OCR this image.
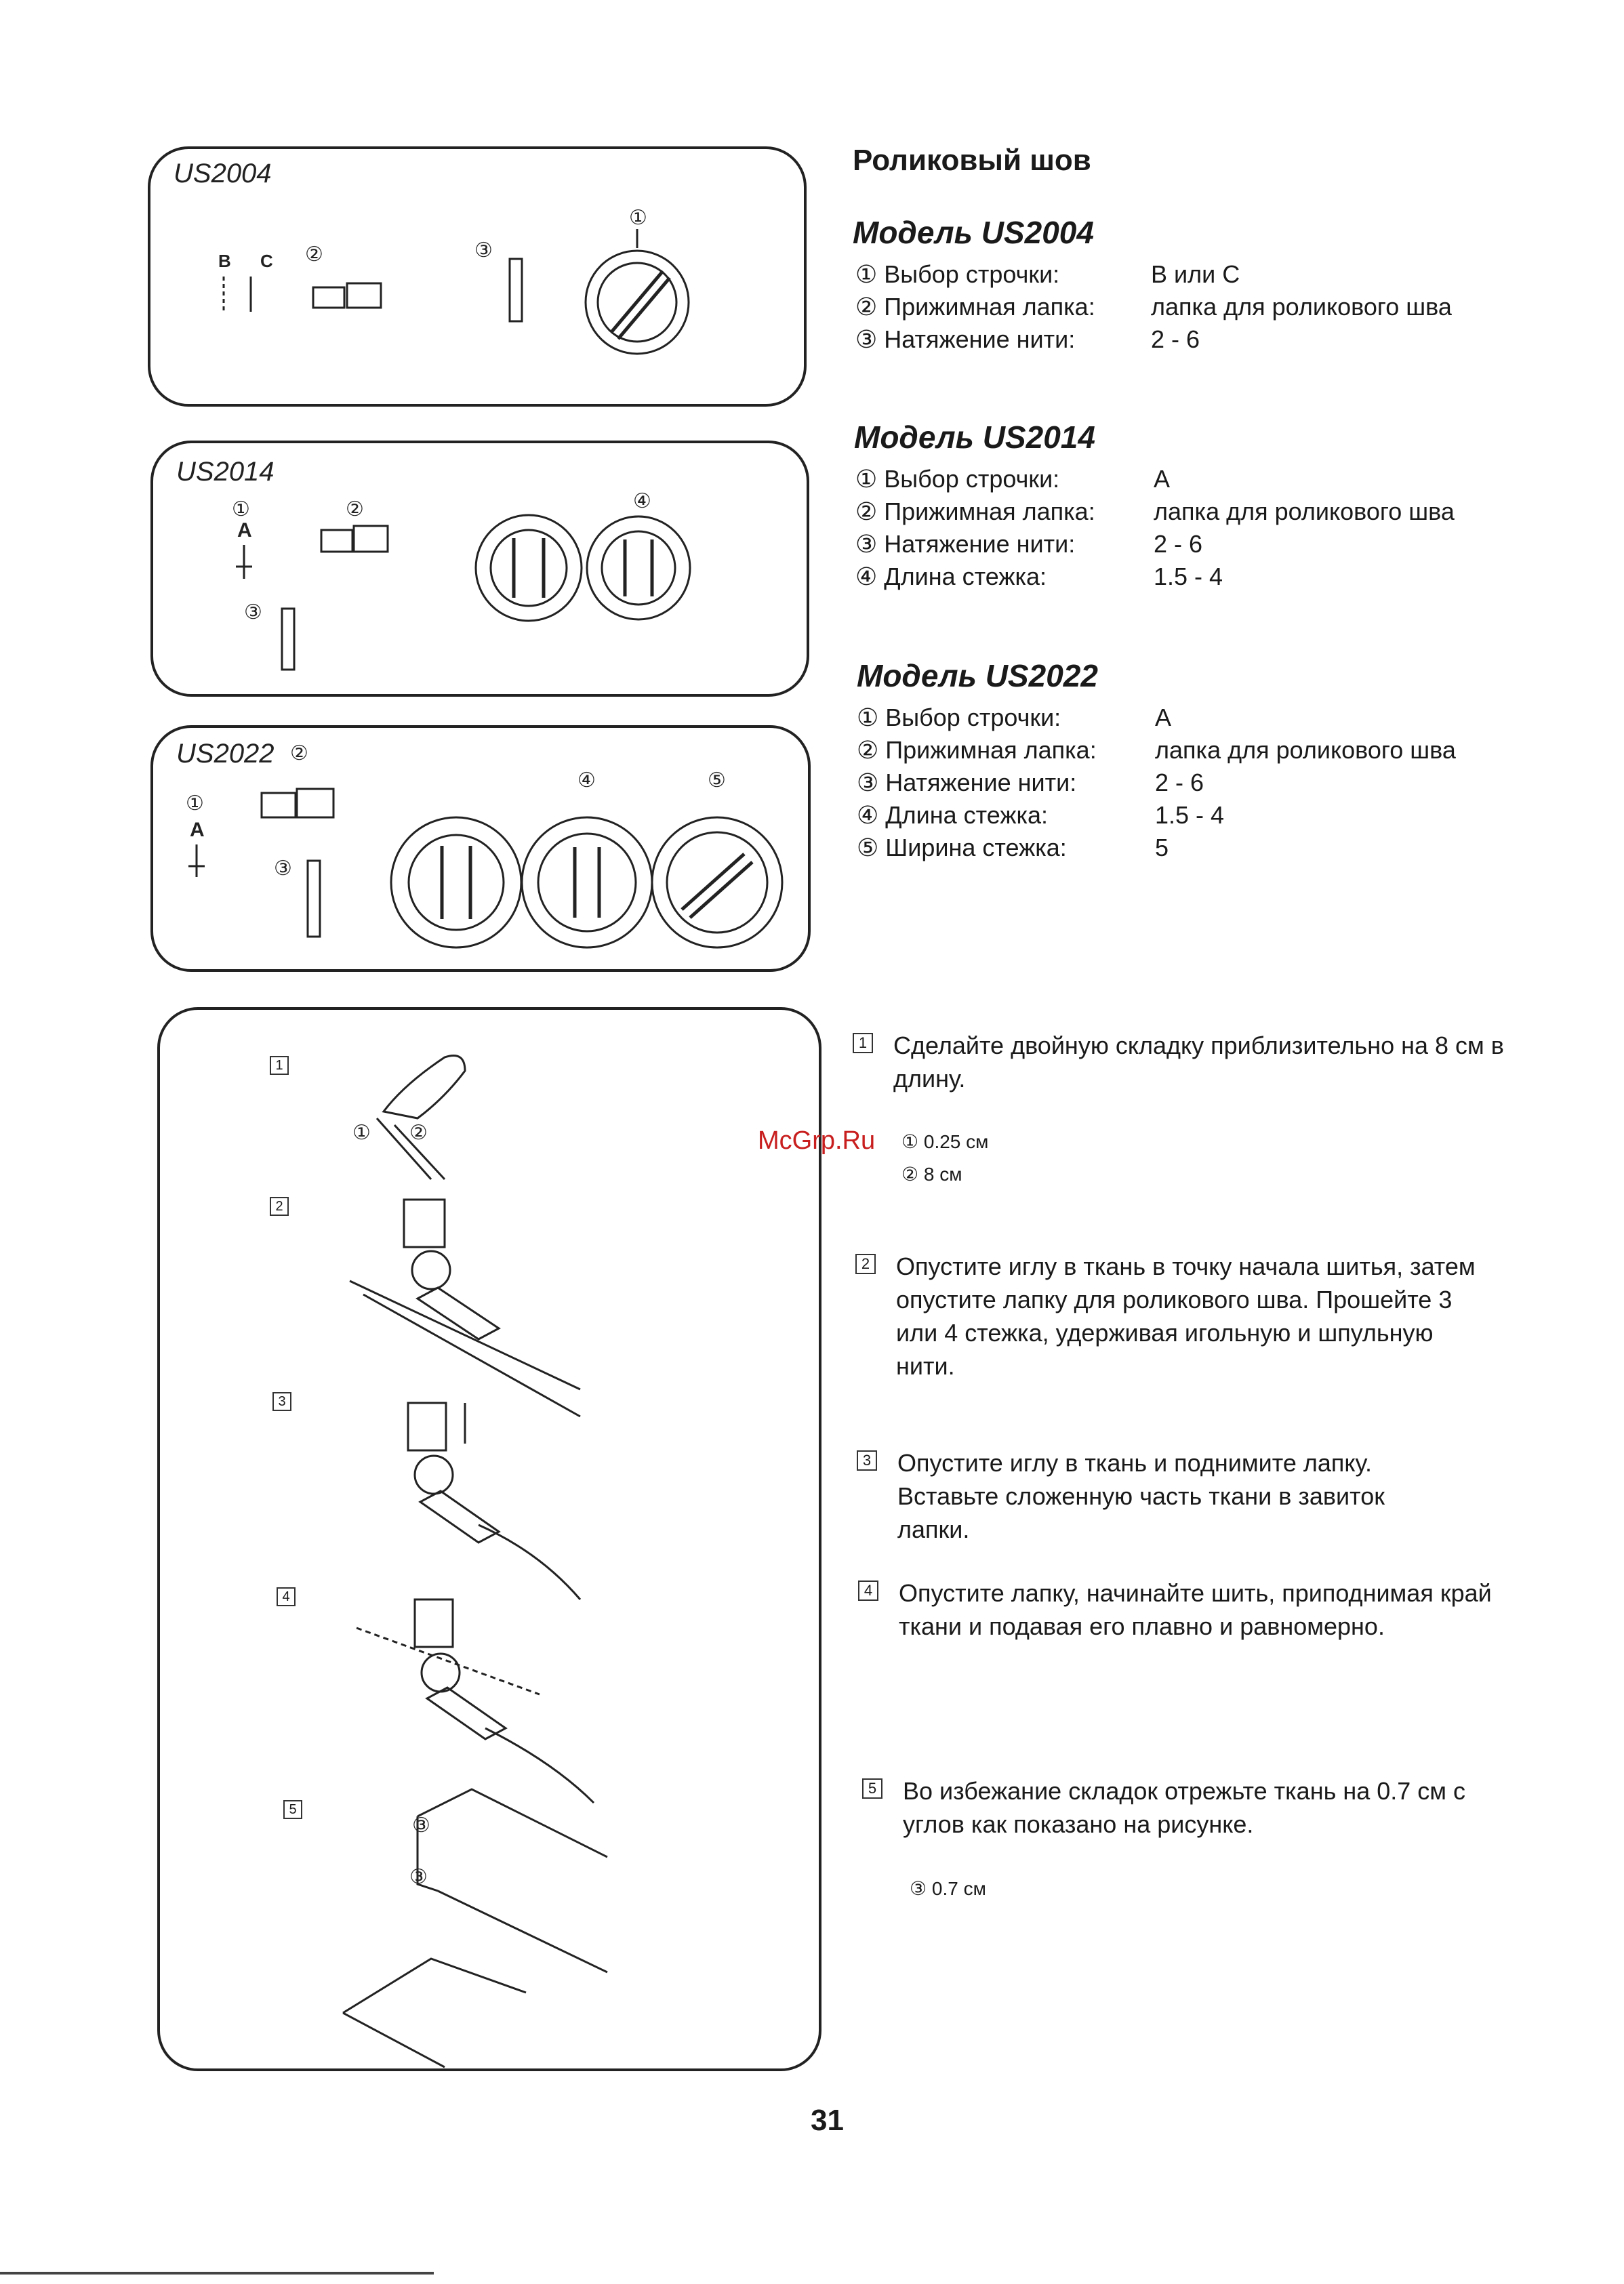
US2004
B C ②	③
①
US2014
①
A
②
③
④
US2022 ②
①
A
③
④	⑤
1
2
3
4
5
① ②
③
③
Роликовый шов
Модель US2004
① Выбор строчки:	B или C
② Прижимная лапка: лапка для роликового шва
③ Натяжение нити:	2 - 6
Модель US2014
① Выбор строчки:	A
② Прижимная лапка: лапка для роликового шва
③ Натяжение нити:	2 - 6
④ Длина стежка:	1.5 - 4
Модель US2022
① Выбор строчки:	A
② Прижимная лапка: лапка для роликового шва
③ Натяжение нити:	2 - 6
④ Длина стежка:	1.5 - 4
⑤ Ширина стежка:	5
1 Сделайте двойную складку приблизительно на 8 см в длину.
① 0.25 см
② 8 см
2 Опустите иглу в ткань в точку начала шитья, затем опустите лапку для роликового шва. Прошейте 3 или 4 стежка, удерживая игольную и шпульную нити.
3 Опустите иглу в ткань и поднимите лапку. Вставьте сложенную часть ткани в завиток лапки.
4 Опустите лапку, начинайте шить, приподнимая край ткани и подавая его плавно и равномерно.
5 Во избежание складок отрежьте ткань на 0.7 см с углов как показано на рисунке.
③ 0.7 см
McGrp.Ru
31
